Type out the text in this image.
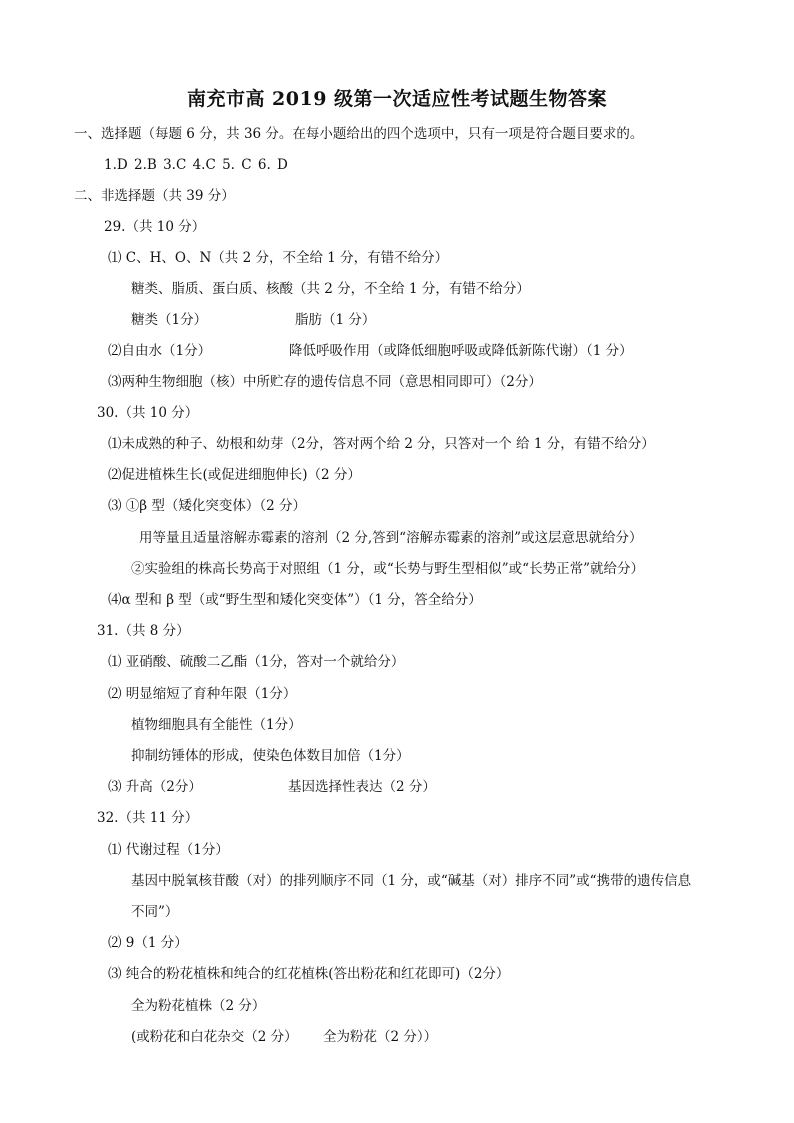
南充市高 2019 级第一次适应性考试题生物答案
一、选择题（每题 6 分，共 36 分。在每小题给出的四个选项中，只有一项是符合题目要求的。
1.D 2.B 3.C 4.C 5. C 6. D
二、非选择题（共 39 分）
29.（共 10 分）
⑴ C、H、O、N（共 2 分，不全给 1 分，有错不给分）
糖类、脂质、蛋白质、核酸（共 2 分，不全给 1 分，有错不给分）
糖类（1分）	脂肪（1 分）
⑵自由水（1分）	降低呼吸作用（或降低细胞呼吸或降低新陈代谢）（1 分）
⑶两种生物细胞（核）中所贮存的遗传信息不同（意思相同即可）（2分）
30.（共 10 分）
⑴未成熟的种子、幼根和幼芽（2分，答对两个给 2 分，只答对一个 给 1 分，有错不给分）
⑵促进植株生长(或促进细胞伸长)（2 分）
⑶ ①β 型（矮化突变体）（2 分）
用等量且适量溶解赤霉素的溶剂（2 分,答到“溶解赤霉素的溶剂”或这层意思就给分）
②实验组的株高长势高于对照组（1 分，或“长势与野生型相似”或“长势正常”就给分）
⑷α 型和 β 型（或“野生型和矮化突变体”）（1 分，答全给分）
31.（共 8 分）
⑴ 亚硝酸、硫酸二乙酯（1分，答对一个就给分）
⑵ 明显缩短了育种年限（1分）
植物细胞具有全能性（1分）
抑制纺锤体的形成，使染色体数目加倍（1分）
⑶ 升高（2分）	基因选择性表达（2 分）
32.（共 11 分）
⑴ 代谢过程（1分）
基因中脱氧核苷酸（对）的排列顺序不同（1 分，或“碱基（对）排序不同”或“携带的遗传信息
不同”）
⑵ 9（1 分）
⑶ 纯合的粉花植株和纯合的红花植株(答出粉花和红花即可)（2分）
全为粉花植株（2 分）
(或粉花和白花杂交（2 分） 全为粉花（2 分））
